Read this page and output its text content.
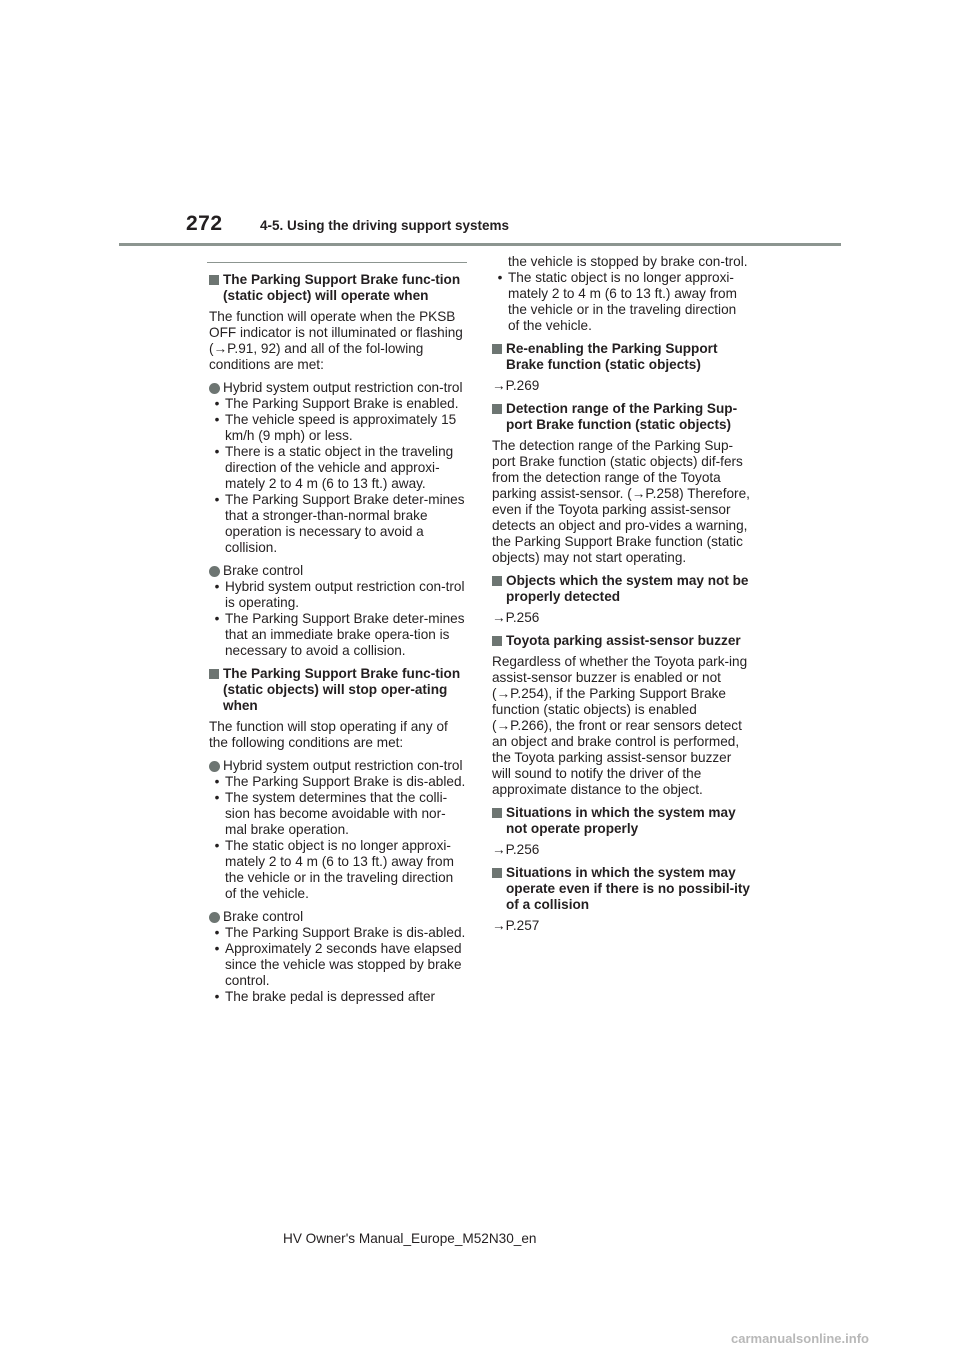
272	4-5. Using the driving support systems
The Parking Support Brake func-tion (static object) will operate when
The function will operate when the PKSB OFF indicator is not illuminated or flashing (→P.91, 92) and all of the fol-lowing conditions are met:
Hybrid system output restriction con-trol
• The Parking Support Brake is enabled.
• The vehicle speed is approximately 15 km/h (9 mph) or less.
• There is a static object in the traveling direction of the vehicle and approxi-mately 2 to 4 m (6 to 13 ft.) away.
• The Parking Support Brake deter-mines that a stronger-than-normal brake operation is necessary to avoid a collision.
Brake control
• Hybrid system output restriction con-trol is operating.
• The Parking Support Brake deter-mines that an immediate brake opera-tion is necessary to avoid a collision.
The Parking Support Brake func-tion (static objects) will stop oper-ating when
The function will stop operating if any of the following conditions are met:
Hybrid system output restriction con-trol
• The Parking Support Brake is dis-abled.
• The system determines that the colli-sion has become avoidable with nor-mal brake operation.
• The static object is no longer approxi-mately 2 to 4 m (6 to 13 ft.) away from the vehicle or in the traveling direction of the vehicle.
Brake control
• The Parking Support Brake is dis-abled.
• Approximately 2 seconds have elapsed since the vehicle was stopped by brake control.
• The brake pedal is depressed after
the vehicle is stopped by brake con-trol.
• The static object is no longer approxi-mately 2 to 4 m (6 to 13 ft.) away from the vehicle or in the traveling direction of the vehicle.
Re-enabling the Parking Support Brake function (static objects)
→P.269
Detection range of the Parking Sup-port Brake function (static objects)
The detection range of the Parking Sup-port Brake function (static objects) dif-fers from the detection range of the Toyota parking assist-sensor. (→P.258) Therefore, even if the Toyota parking assist-sensor detects an object and pro-vides a warning, the Parking Support Brake function (static objects) may not start operating.
Objects which the system may not be properly detected
→P.256
Toyota parking assist-sensor buzzer
Regardless of whether the Toyota park-ing assist-sensor buzzer is enabled or not (→P.254), if the Parking Support Brake function (static objects) is enabled (→P.266), the front or rear sensors detect an object and brake control is performed, the Toyota parking assist-sensor buzzer will sound to notify the driver of the approximate distance to the object.
Situations in which the system may not operate properly
→P.256
Situations in which the system may operate even if there is no possibil-ity of a collision
→P.257
HV Owner's Manual_Europe_M52N30_en
carmanualsonline.info
